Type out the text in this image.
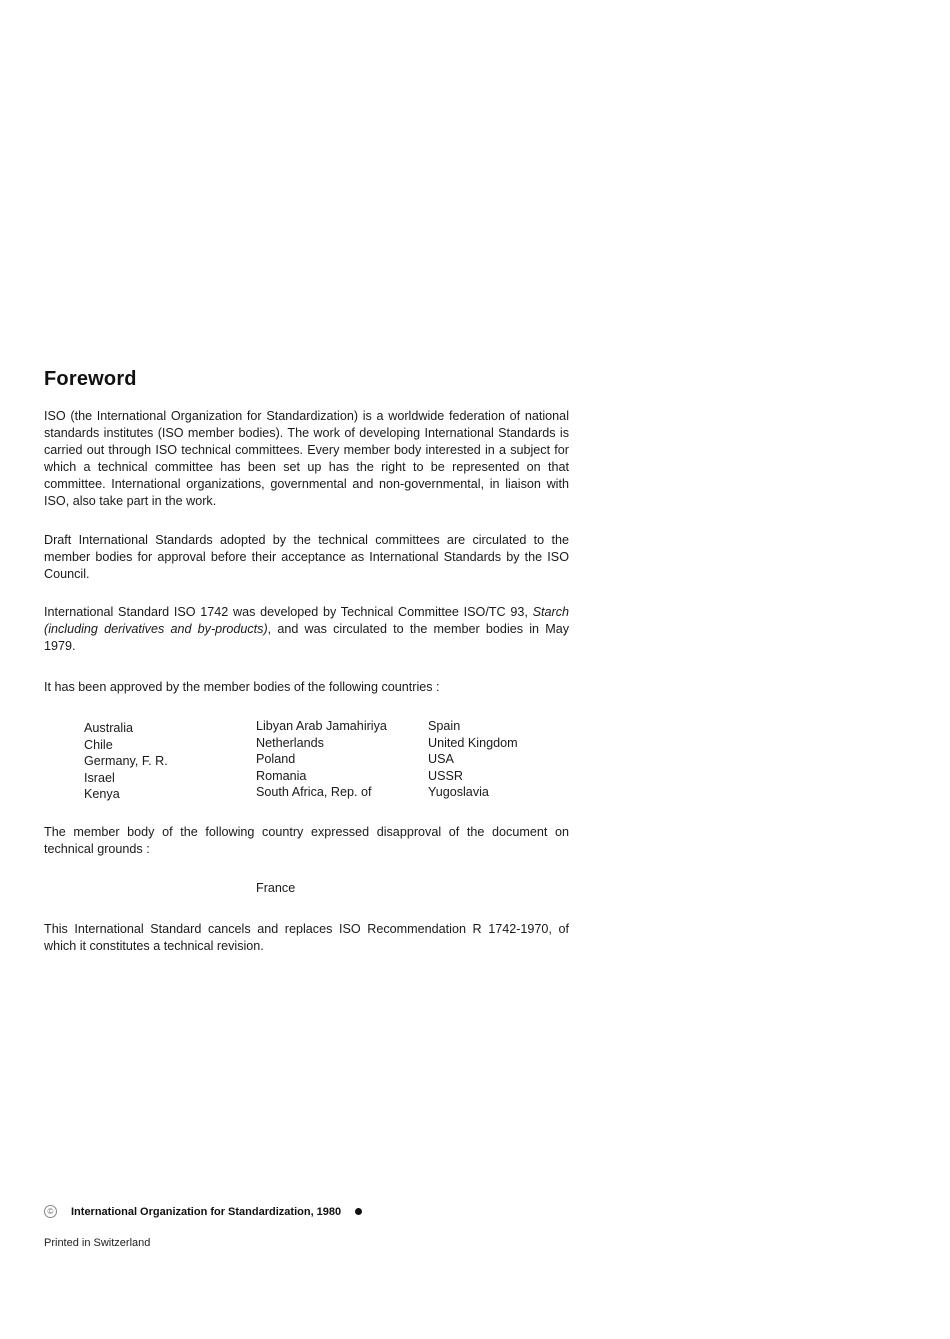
Foreword

ISO (the International Organization for Standardization) is a worldwide federation of national standards institutes (ISO member bodies). The work of developing International Standards is carried out through ISO technical committees. Every member body interested in a subject for which a technical committee has been set up has the right to be represented on that committee. International organizations, governmental and non-governmental, in liaison with ISO, also take part in the work.

Draft International Standards adopted by the technical committees are circulated to the member bodies for approval before their acceptance as International Standards by the ISO Council.

International Standard ISO 1742 was developed by Technical Committee ISO/TC 93, Starch (including derivatives and by-products), and was circulated to the member bodies in May 1979.

It has been approved by the member bodies of the following countries :

Australia
Chile
Germany, F. R.
Israel
Kenya
Libyan Arab Jamahiriya
Netherlands
Poland
Romania
South Africa, Rep. of
Spain
United Kingdom
USA
USSR
Yugoslavia

The member body of the following country expressed disapproval of the document on technical grounds :

France

This International Standard cancels and replaces ISO Recommendation R 1742-1970, of which it constitutes a technical revision.

©	International Organization for Standardization, 1980

Printed in Switzerland
